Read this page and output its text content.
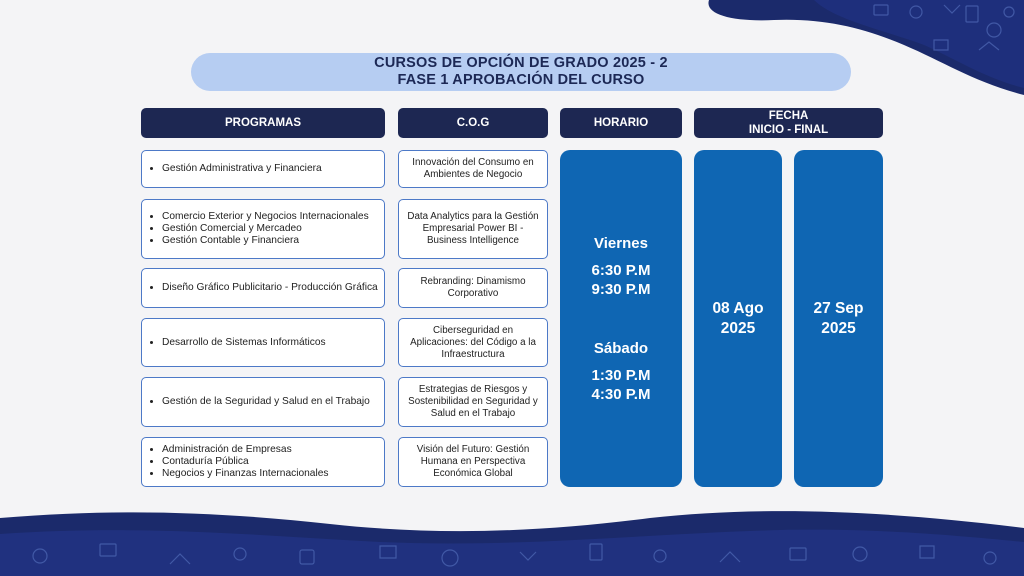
CURSOS DE OPCIÓN DE GRADO 2025 - 2
FASE 1 APROBACIÓN DEL CURSO
PROGRAMAS	C.O.G	HORARIO
FECHA
INICIO - FINAL
• Gestión Administrativa y Financiera
• Comercio Exterior y Negocios Internacionales
• Gestión Comercial y Mercadeo
• Gestión Contable y Financiera
• Diseño Gráfico Publicitario - Producción Gráfica
• Desarrollo de Sistemas Informáticos
• Gestión de la Seguridad y Salud en el Trabajo
• Administración de Empresas
• Contaduría Pública
• Negocios y Finanzas Internacionales
Innovación del Consumo en Ambientes de Negocio
Data Analytics para la Gestión Empresarial Power BI - Business Intelligence
Rebranding: Dinamismo Corporativo
Ciberseguridad en Aplicaciones: del Código a la Infraestructura
Estrategias de Riesgos y Sostenibilidad en Seguridad y Salud en el Trabajo
Visión del Futuro: Gestión Humana en Perspectiva Económica Global
Viernes
6:30 P.M
9:30 P.M
Sábado
1:30 P.M
4:30 P.M
08 Ago
2025
27 Sep
2025
